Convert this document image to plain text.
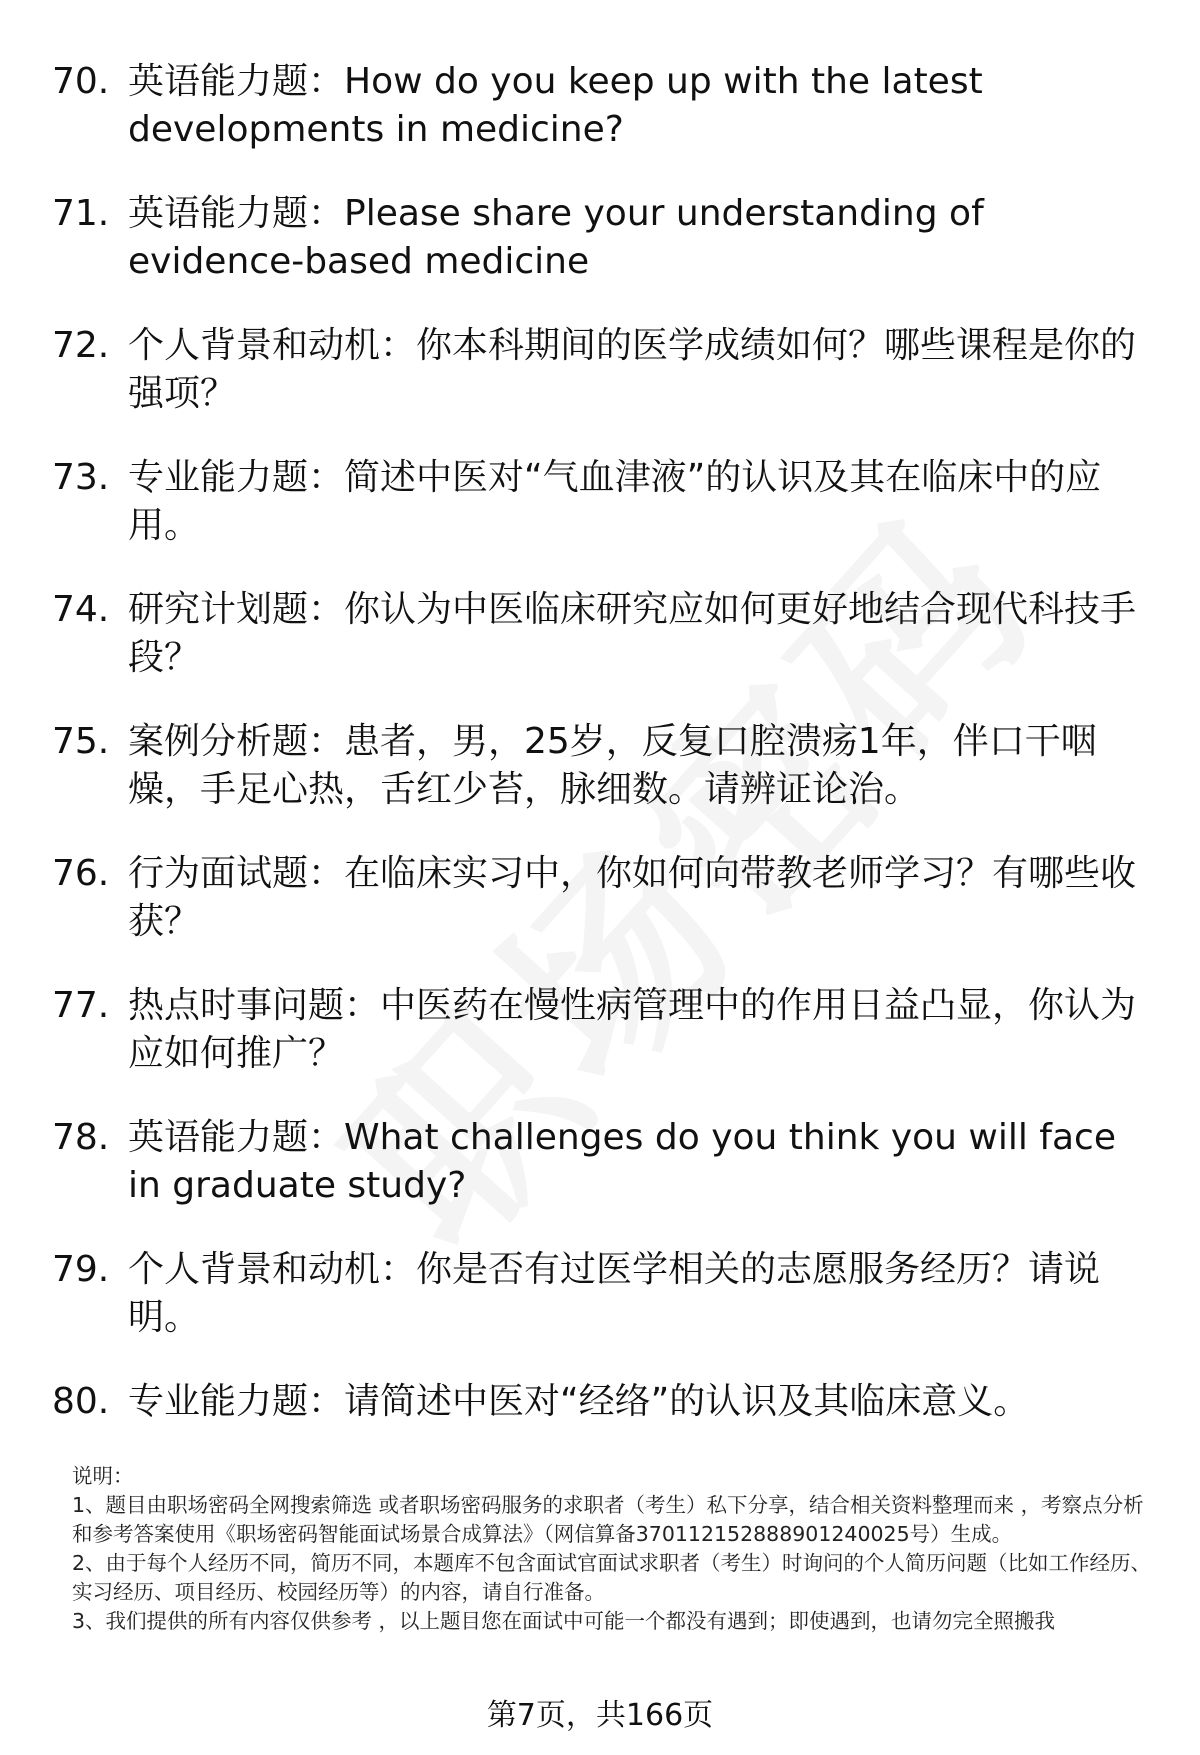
70. 英语能力题：How do you keep up with the latest developments in medicine?
71. 英语能力题：Please share your understanding of evidence-based medicine
72. 个人背景和动机：你本科期间的医学成绩如何？哪些课程是你的强项？
73. 专业能力题：简述中医对“气血津液”的认识及其在临床中的应用。
74. 研究计划题：你认为中医临床研究应如何更好地结合现代科技手段？
75. 案例分析题：患者，男，25岁，反复口腔溃疡1年，伴口干咽燥，手足心热，舌红少苔，脉细数。请辨证论治。
76. 行为面试题：在临床实习中，你如何向带教老师学习？有哪些收获？
77. 热点时事问题：中医药在慢性病管理中的作用日益凸显，你认为应如何推广？
78. 英语能力题：What challenges do you think you will face in graduate study?
79. 个人背景和动机：你是否有过医学相关的志愿服务经历？请说明。
80. 专业能力题：请简述中医对“经络”的认识及其临床意义。

说明：

1、题目由职场密码全网搜索筛选 或者职场密码服务的求职者（考生）私下分享，结合相关资料整理而来 ，考察点分析和参考答案使用《职场密码智能面试场景合成算法》（网信算备370112152888901240025号）生成。

2、由于每个人经历不同，简历不同，本题库不包含面试官面试求职者（考生）时询问的个人简历问题（比如工作经历、实习经历、项目经历、校园经历等）的内容，请自行准备。

3、我们提供的所有内容仅供参考 ，以上题目您在面试中可能一个都没有遇到；即使遇到，也请勿完全照搬我

第7页，共166页
